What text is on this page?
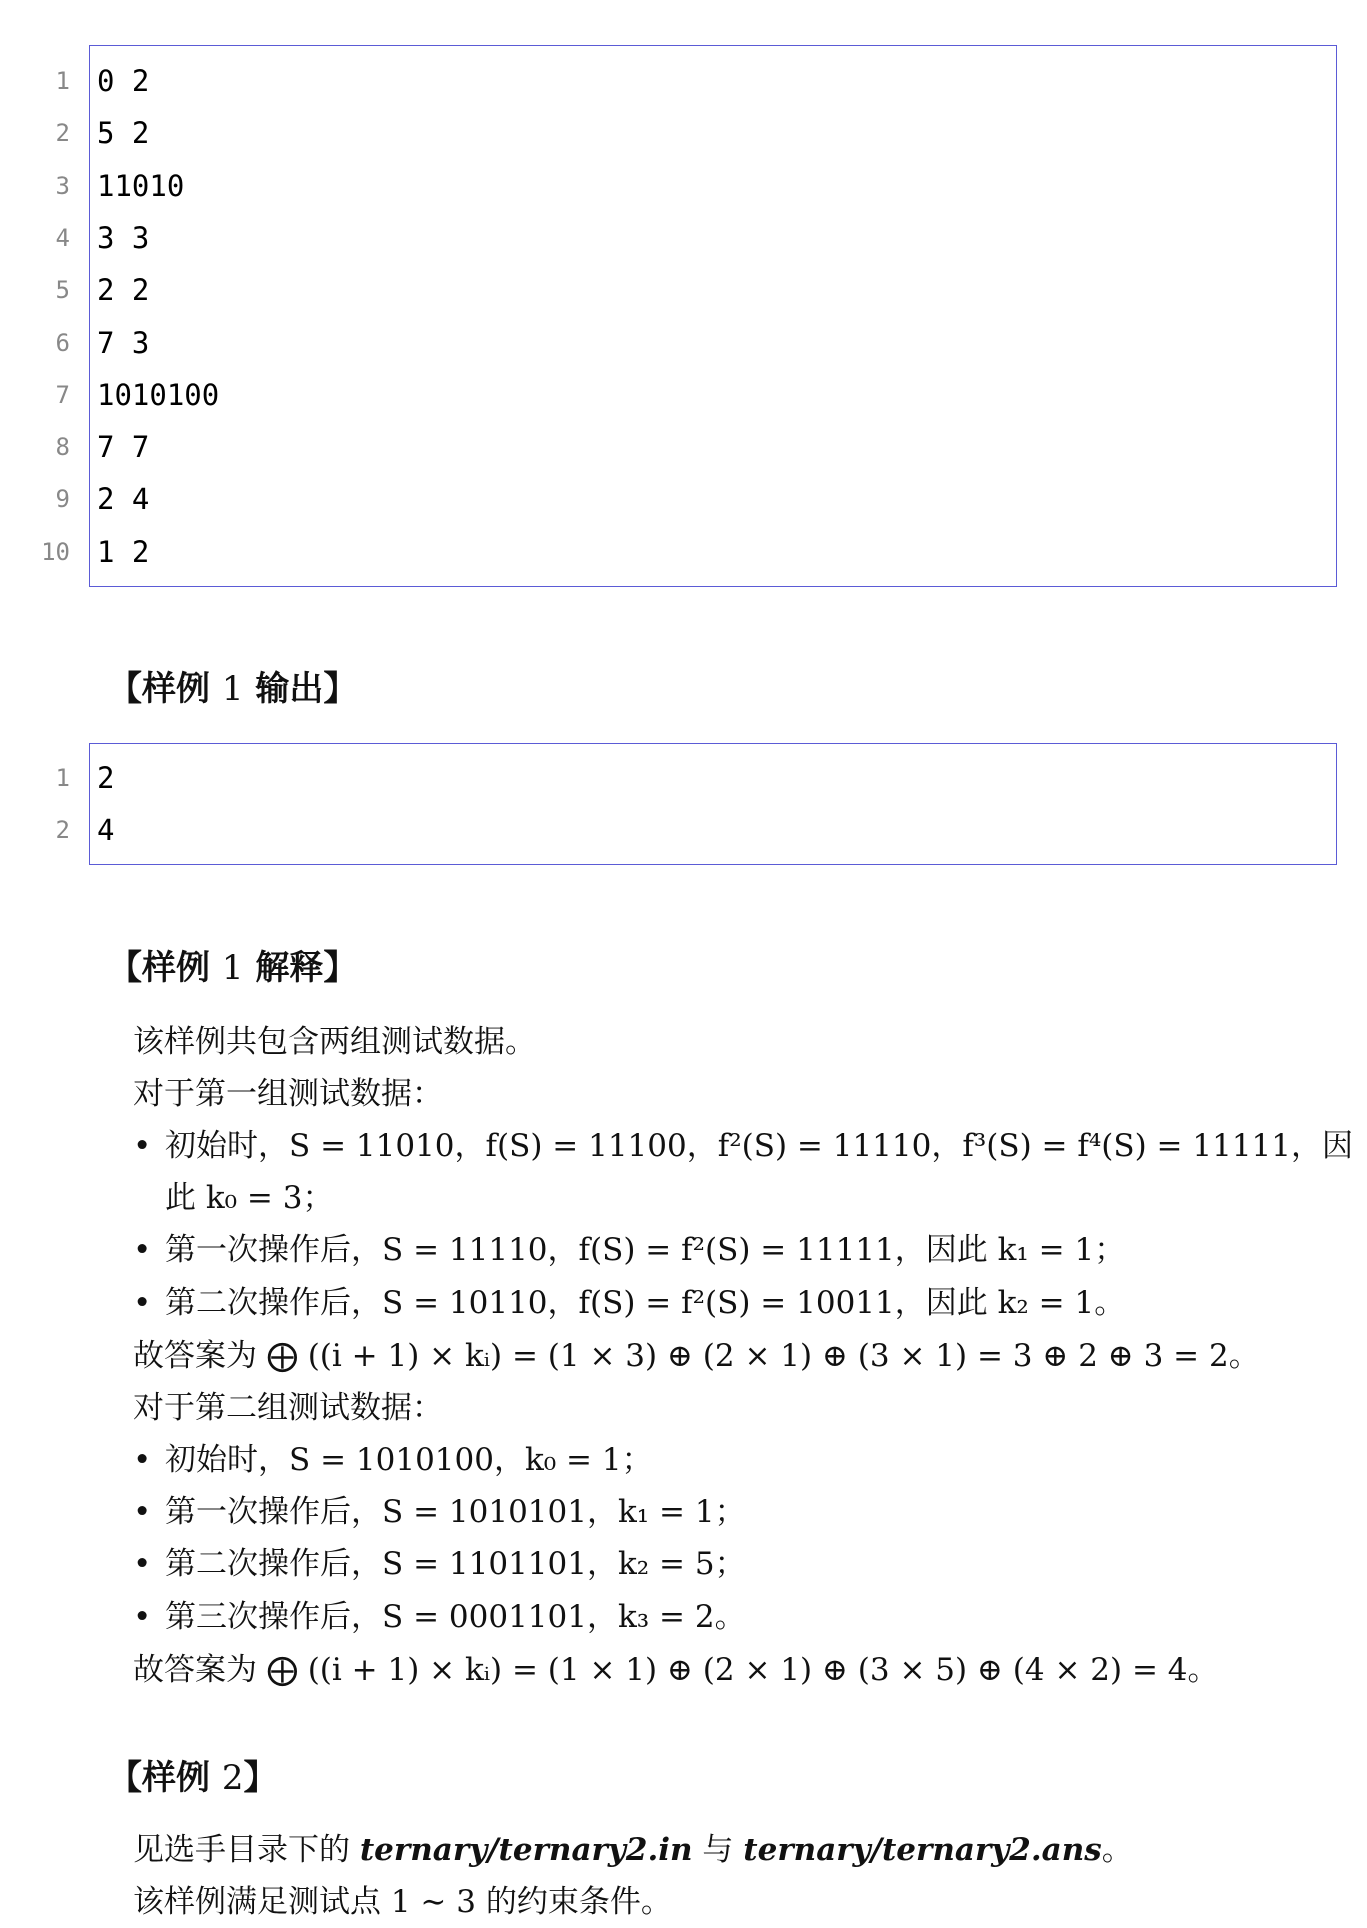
1 0 2
2 5 2
3 11010
4 3 3
5 2 2
6 7 3
7 1010100
8 7 7
9 2 4
10 1 2
【样例 1 输出】
1 2
2 4
【样例 1 解释】
该样例共包含两组测试数据。
对于第一组测试数据：
• 初始时，S = 11010，f(S) = 11100，f²(S) = 11110，f³(S) = f⁴(S) = 11111，因
此 k₀ = 3；
• 第一次操作后，S = 11110，f(S) = f²(S) = 11111，因此 k₁ = 1；
• 第二次操作后，S = 10110，f(S) = f²(S) = 10011，因此 k₂ = 1。
故答案为 ⨁ ((i + 1) × kᵢ) = (1 × 3) ⊕ (2 × 1) ⊕ (3 × 1) = 3 ⊕ 2 ⊕ 3 = 2。
对于第二组测试数据：
• 初始时，S = 1010100，k₀ = 1；
• 第一次操作后，S = 1010101，k₁ = 1；
• 第二次操作后，S = 1101101，k₂ = 5；
• 第三次操作后，S = 0001101，k₃ = 2。
故答案为 ⨁ ((i + 1) × kᵢ) = (1 × 1) ⊕ (2 × 1) ⊕ (3 × 5) ⊕ (4 × 2) = 4。
【样例 2】
见选手目录下的 ternary/ternary2.in 与 ternary/ternary2.ans。
该样例满足测试点 1 ∼ 3 的约束条件。
